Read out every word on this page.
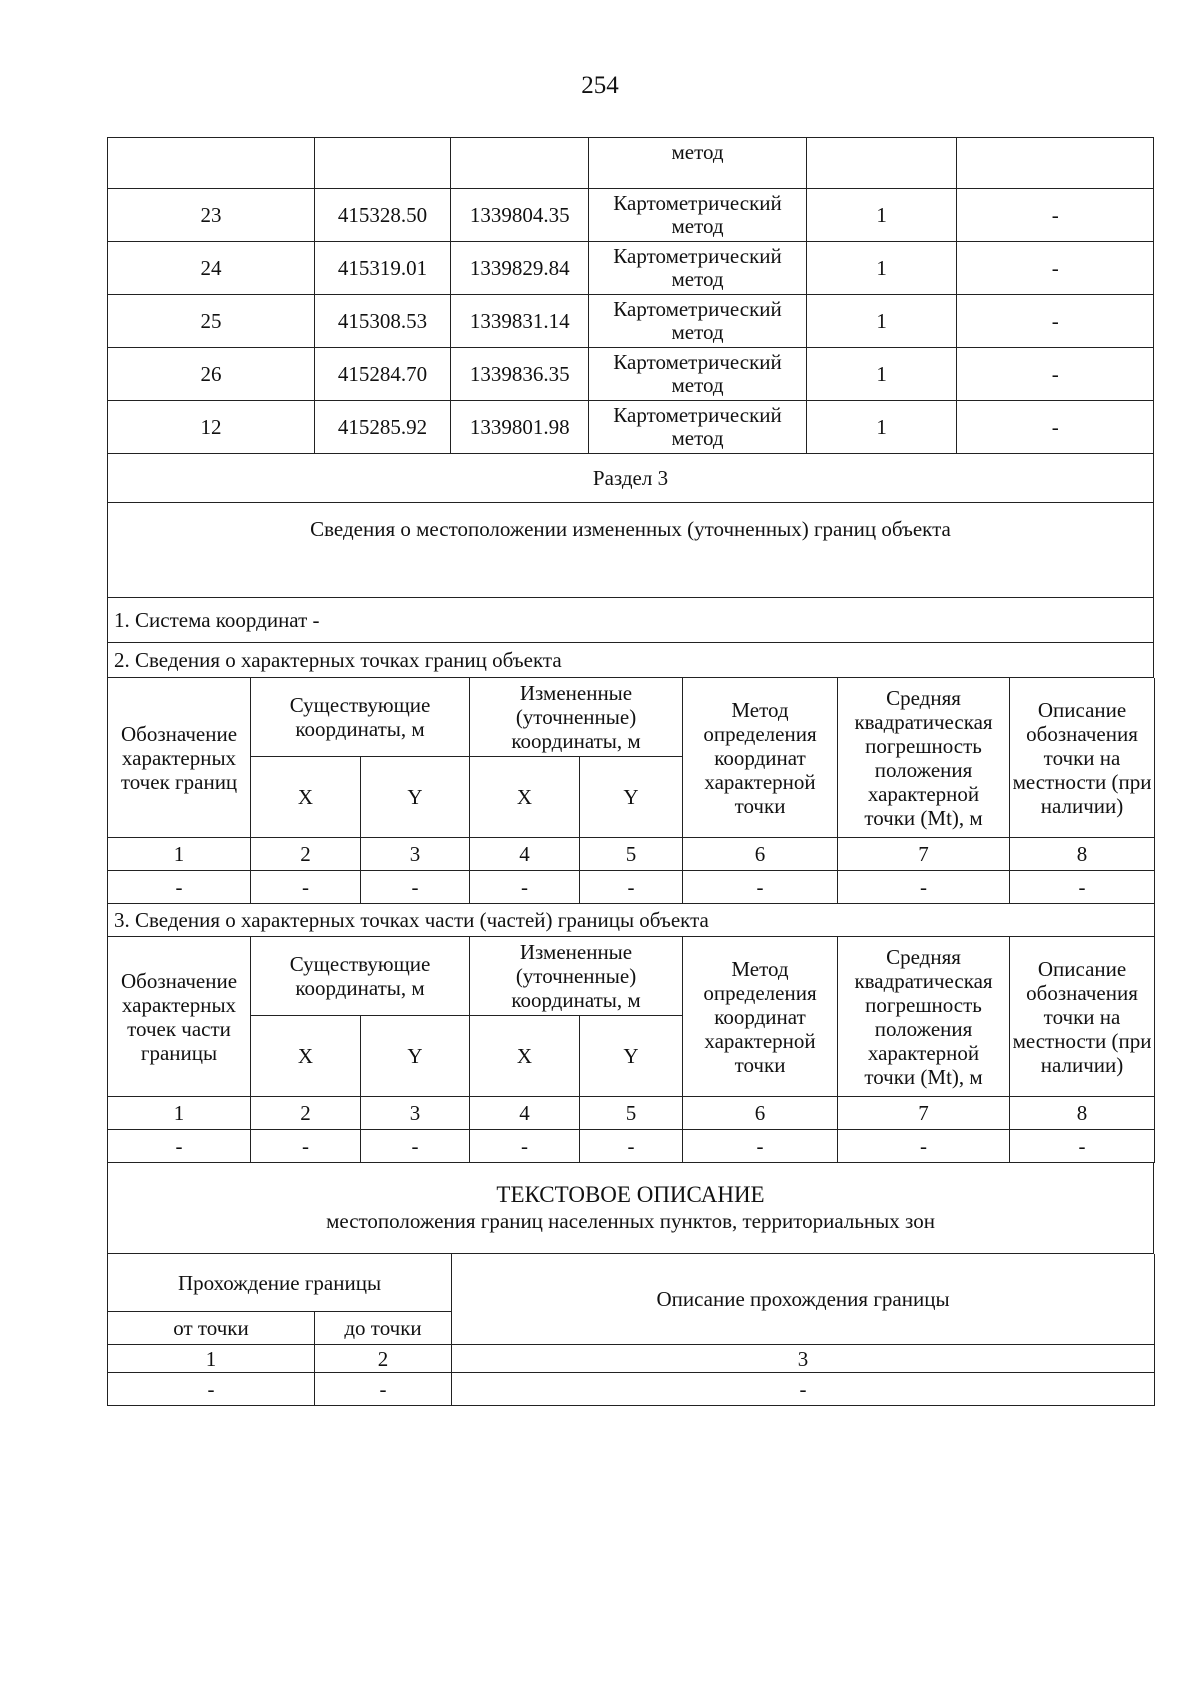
254
			метод		
23	415328.50	1339804.35	Картометрический метод	1	-
24	415319.01	1339829.84	Картометрический метод	1	-
25	415308.53	1339831.14	Картометрический метод	1	-
26	415284.70	1339836.35	Картометрический метод	1	-
12	415285.92	1339801.98	Картометрический метод	1	-
Раздел 3
Сведения о местоположении измененных (уточненных) границ объекта
1. Система координат -
2. Сведения о характерных точках границ объекта
Обозначение характерных точек границ	Существующие координаты, м		Измененные (уточненные) координаты, м		Метод определения координат характерной точки	Средняя квадратическая погрешность положения характерной точки (Mt), м	Описание обозначения точки на местности (при наличии)
	X	Y	X	Y			
1	2	3	4	5	6	7	8
-	-	-	-	-	-	-	-
3. Сведения о характерных точках части (частей) границы объекта							
Обозначение характерных точек части границы	Существующие координаты, м		Измененные (уточненные) координаты, м		Метод определения координат характерной точки	Средняя квадратическая погрешность положения характерной точки (Mt), м	Описание обозначения точки на местности (при наличии)
	X	Y	X	Y			
1	2	3	4	5	6	7	8
-	-	-	-	-	-	-	-
ТЕКСТОВОЕ ОПИСАНИЕ
местоположения границ населенных пунктов, территориальных зон
Прохождение границы		Описание прохождения границы
от точки	до точки	
1	2	3
-	-	-
